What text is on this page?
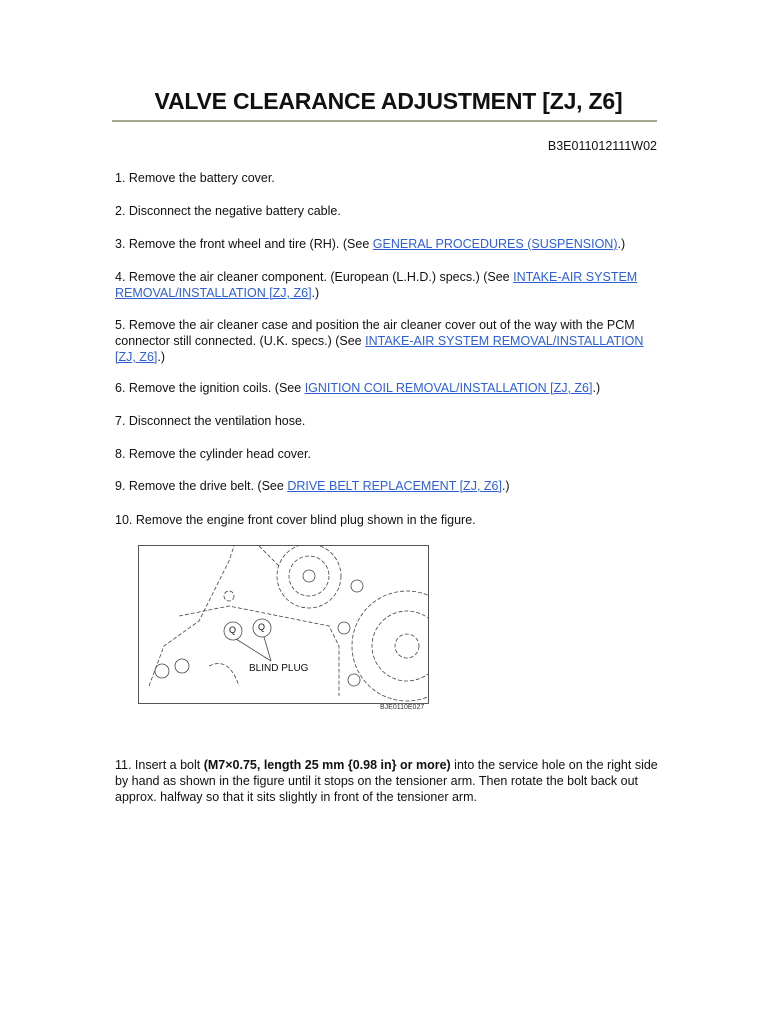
VALVE CLEARANCE ADJUSTMENT [ZJ, Z6]
B3E011012111W02
1. Remove the battery cover.
2. Disconnect the negative battery cable.
3. Remove the front wheel and tire (RH). (See GENERAL PROCEDURES (SUSPENSION).)
4. Remove the air cleaner component. (European (L.H.D.) specs.) (See INTAKE-AIR SYSTEM REMOVAL/INSTALLATION [ZJ, Z6].)
5. Remove the air cleaner case and position the air cleaner cover out of the way with the PCM connector still connected. (U.K. specs.) (See INTAKE-AIR SYSTEM REMOVAL/INSTALLATION [ZJ, Z6].)
6. Remove the ignition coils. (See IGNITION COIL REMOVAL/INSTALLATION [ZJ, Z6].)
7. Disconnect the ventilation hose.
8. Remove the cylinder head cover.
9. Remove the drive belt. (See DRIVE BELT REPLACEMENT [ZJ, Z6].)
10. Remove the engine front cover blind plug shown in the figure.
Q Q
BLIND PLUG
BJE0110E027
11. Insert a bolt (M7×0.75, length 25 mm {0.98 in} or more) into the service hole on the right side by hand as shown in the figure until it stops on the tensioner arm. Then rotate the bolt back out approx. halfway so that it sits slightly in front of the tensioner arm.
